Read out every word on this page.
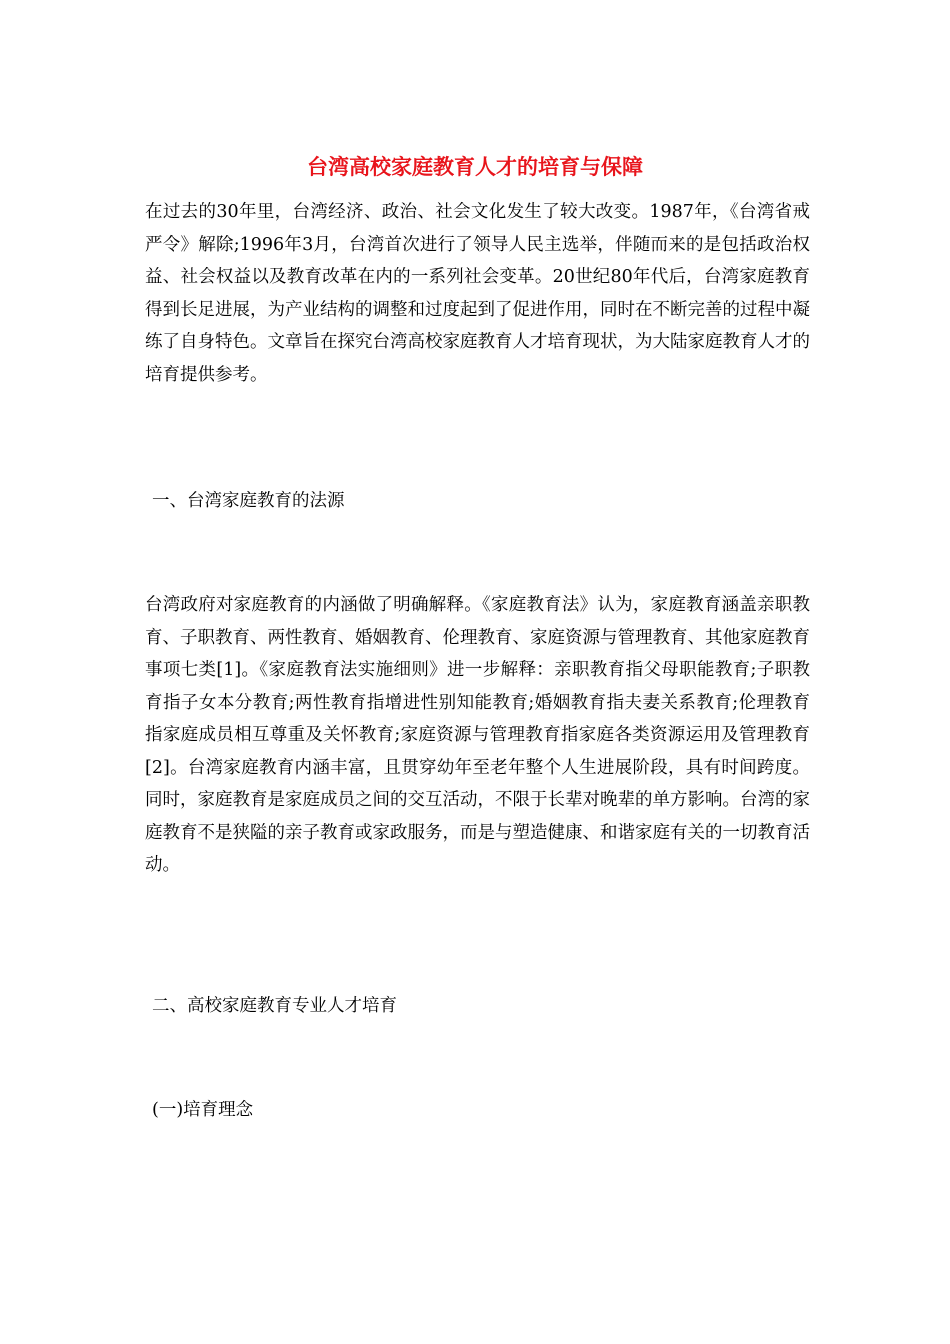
台湾高校家庭教育人才的培育与保障

在过去的30年里，台湾经济、政治、社会文化发生了较大改变。1987年，《台湾省戒严令》解除;1996年3月，台湾首次进行了领导人民主选举，伴随而来的是包括政治权益、社会权益以及教育改革在内的一系列社会变革。20世纪80年代后，台湾家庭教育得到长足进展，为产业结构的调整和过度起到了促进作用，同时在不断完善的过程中凝练了自身特色。文章旨在探究台湾高校家庭教育人才培育现状，为大陆家庭教育人才的培育提供参考。

一、台湾家庭教育的法源

台湾政府对家庭教育的内涵做了明确解释。《家庭教育法》认为，家庭教育涵盖亲职教育、子职教育、两性教育、婚姻教育、伦理教育、家庭资源与管理教育、其他家庭教育事项七类[1]。《家庭教育法实施细则》进一步解释：亲职教育指父母职能教育;子职教育指子女本分教育;两性教育指增进性别知能教育;婚姻教育指夫妻关系教育;伦理教育指家庭成员相互尊重及关怀教育;家庭资源与管理教育指家庭各类资源运用及管理教育[2]。台湾家庭教育内涵丰富，且贯穿幼年至老年整个人生进展阶段，具有时间跨度。同时，家庭教育是家庭成员之间的交互活动，不限于长辈对晚辈的单方影响。台湾的家庭教育不是狭隘的亲子教育或家政服务，而是与塑造健康、和谐家庭有关的一切教育活动。

二、高校家庭教育专业人才培育

(一)培育理念
